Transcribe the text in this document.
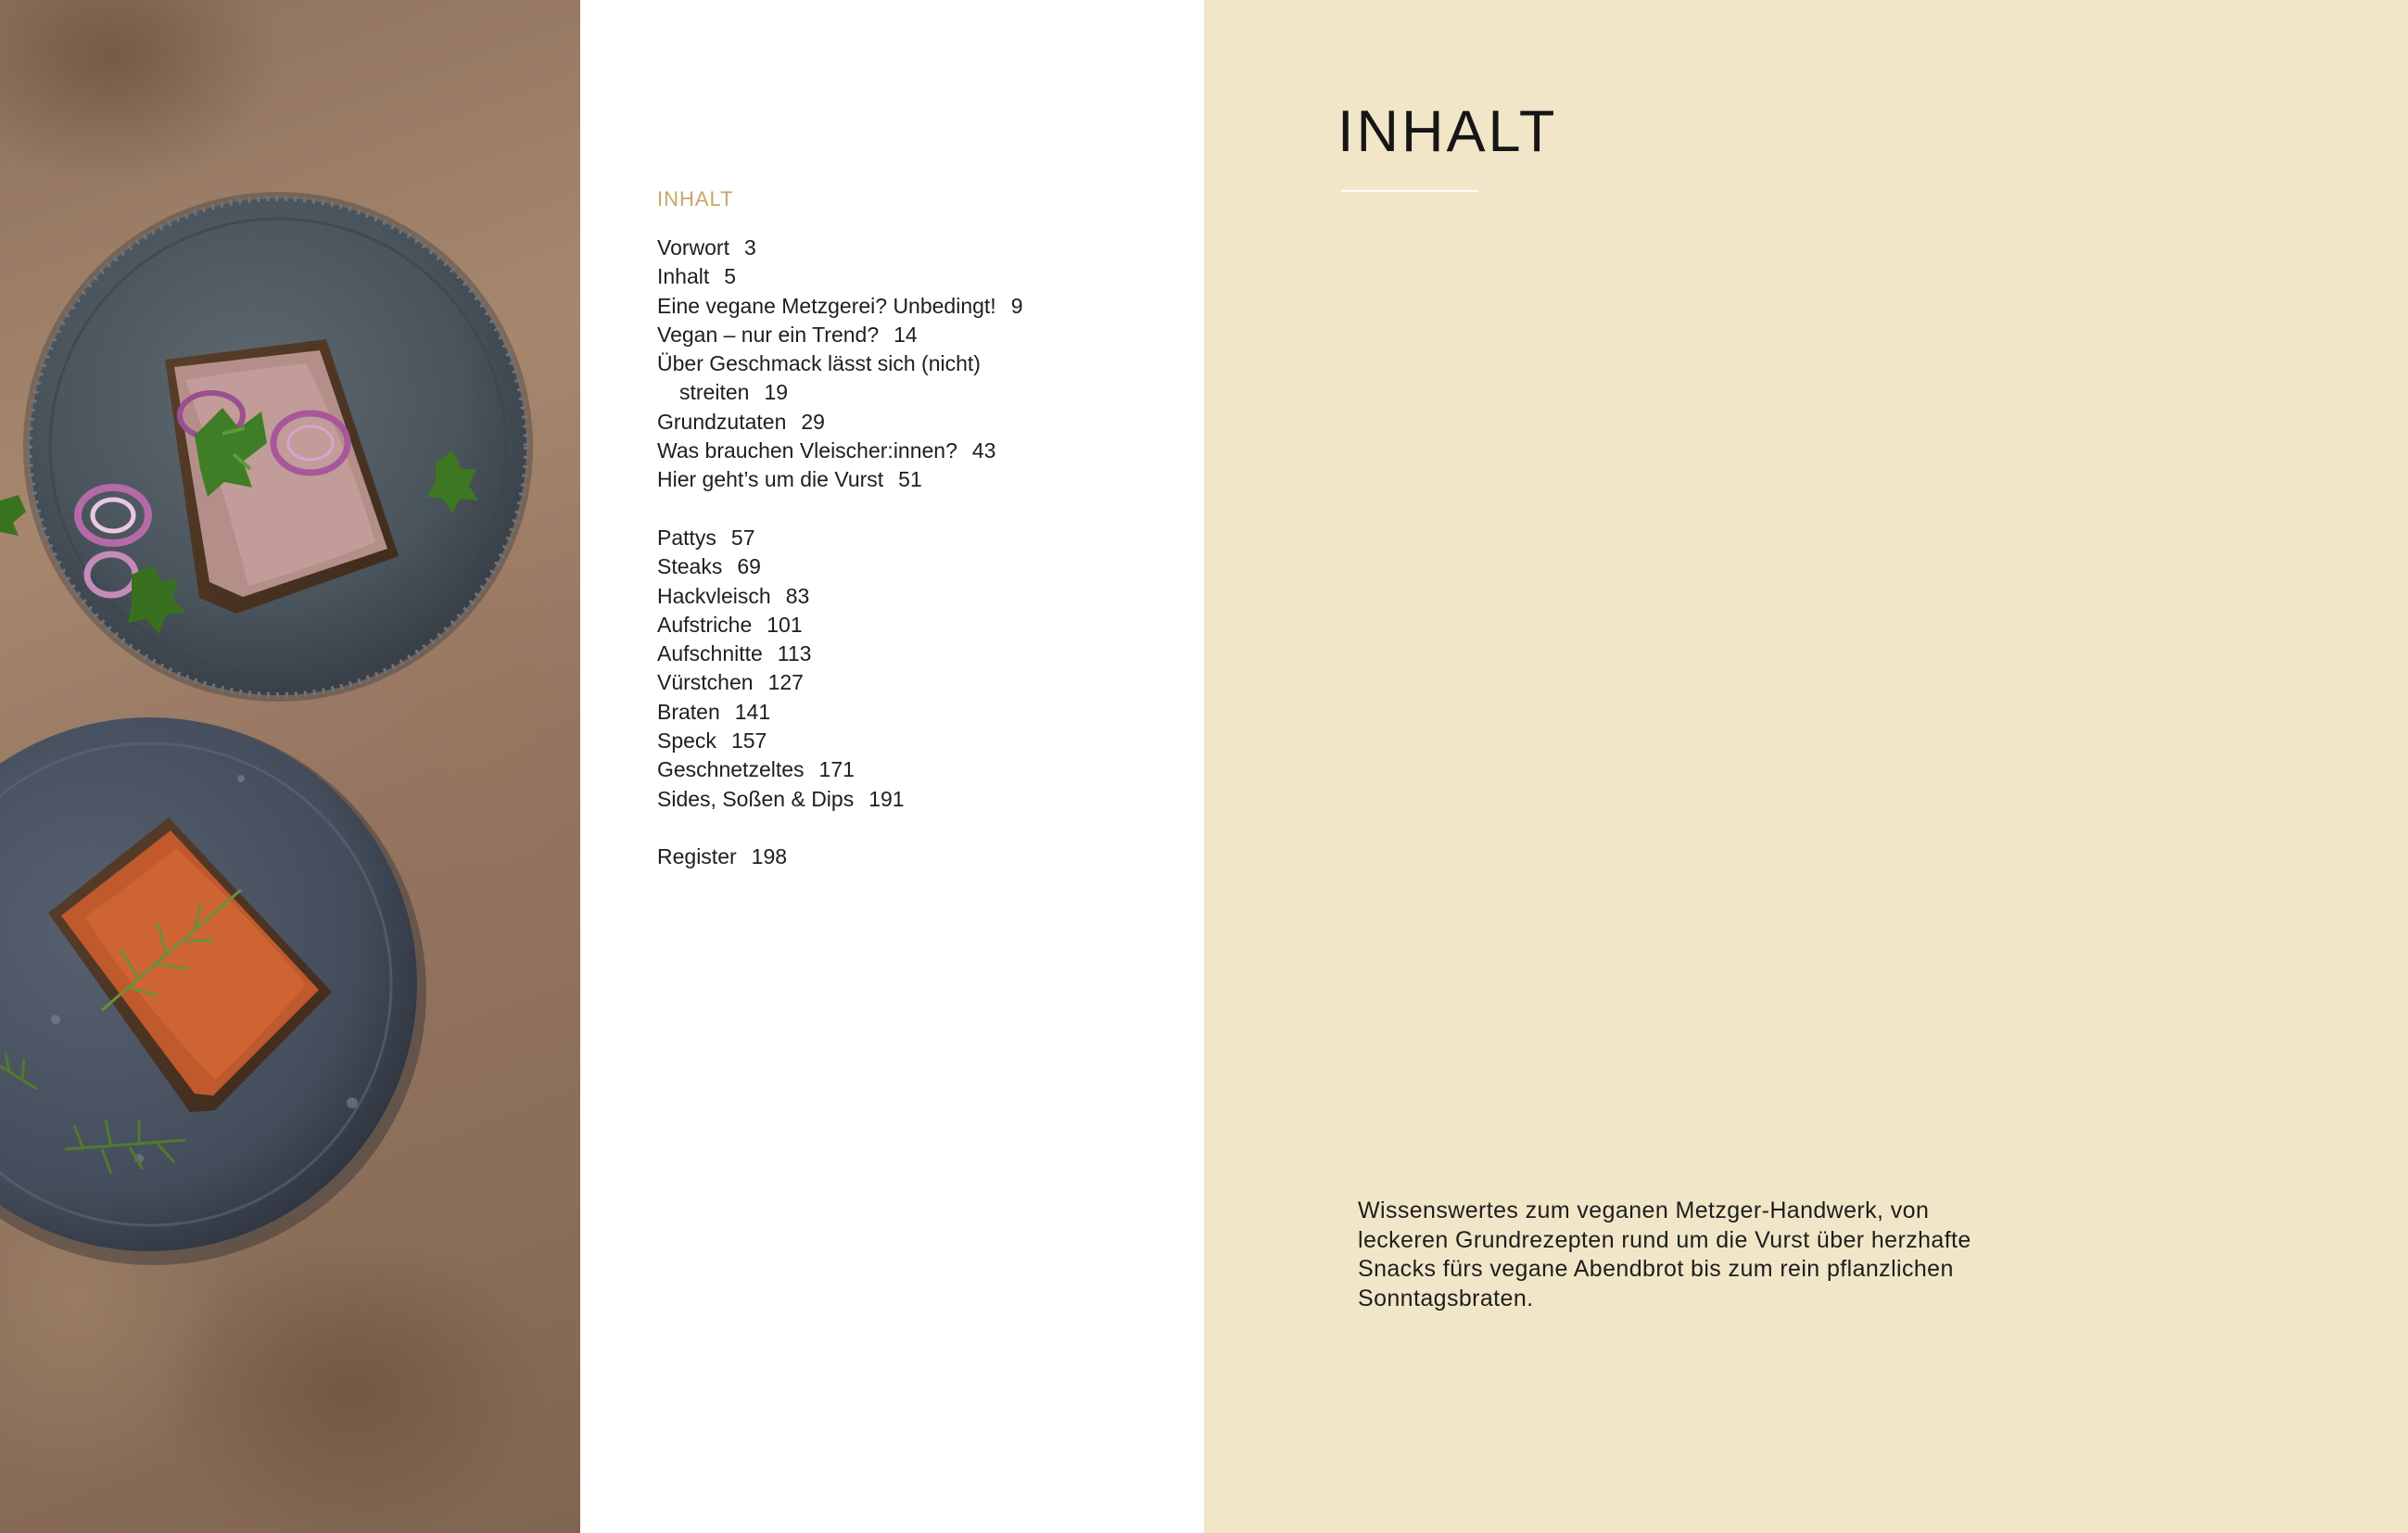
INHALT
Vorwort 3
Inhalt 5
Eine vegane Metzgerei? Unbedingt! 9
Vegan – nur ein Trend? 14
Über Geschmack lässt sich (nicht)
streiten 19
Grundzutaten 29
Was brauchen Vleischer:innen? 43
Hier geht’s um die Vurst 51
Pattys 57
Steaks 69
Hackvleisch 83
Aufstriche 101
Aufschnitte 113
Vürstchen 127
Braten 141
Speck 157
Geschnetzeltes 171
Sides, Soßen & Dips 191
Register 198
INHALT

Wissenswertes zum veganen Metzger-Handwerk, von leckeren Grundrezepten rund um die Vurst über herzhafte Snacks fürs vegane Abendbrot bis zum rein pflanzlichen Sonntagsbraten.
